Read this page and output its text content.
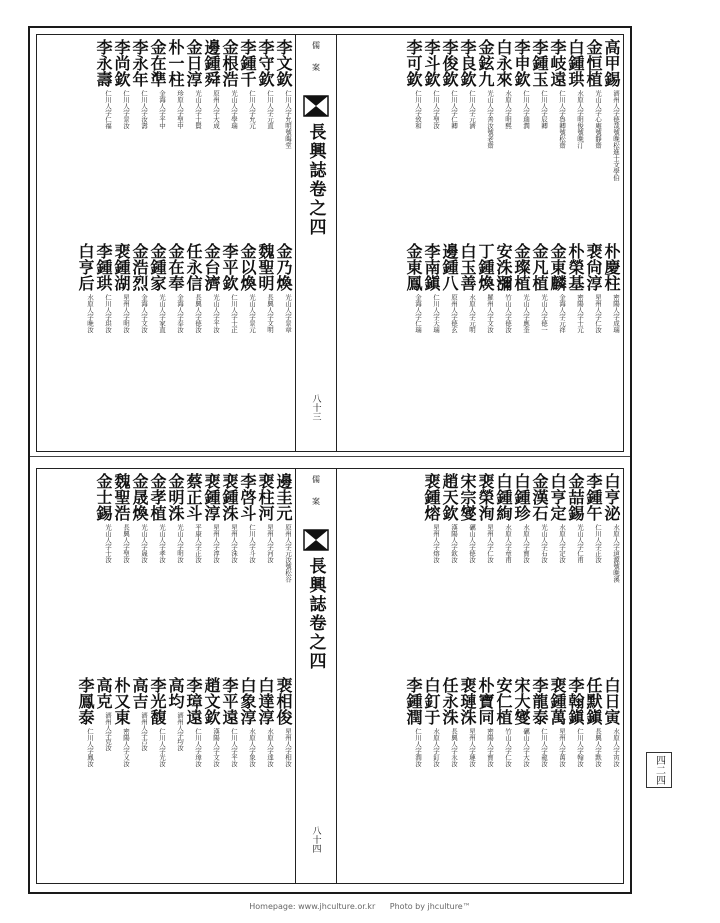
高甲錫
濟州人字德哉號晚松進士文學伯
金恒植
光山人字心庵號靜齋
白鍾珙
水原人字明俊號晩汀
李岐遠
仁川人字魯卿號松齋
李鍾玉
仁川人字辰卿
李申欽
仁川人字瑞潤
白永來
水原人字明熙
金鉉九
光山人字善汝號老齋
李良欽
仁川人字元濟
李俊欽
仁川人字仁卿
李斗欽
仁川人字聖汝
李可欽
仁川人字致和
朴慶柱
密陽人字成瑞
裵尙淳
星州人字仁汝
朴榮基
密陽人字士元
金東麟
金海人字元祥
金凡植
光山人字德一
金璨植
光山人字應奎
安洙瀰
竹山人字德汝
丁鍾煥
羅州人字文汝
白玉善
水原人字元明
邊鍾八
原州人字德玄
李南鎭
仁川人字天瑞
金東鳳
金海人字仁瑞
儒案
長興誌卷之四
八十三
李文欽
仁川人字允明號晦堂
李守欽
仁川人字元直
李鍾千
仁川人字允元
金根浩
光山人字學瑞
邊鍾舜
原州人字大成
金日淳
光山人字士賢
朴一柱
珍原人字聖中
金在準
金海人字平中
李永年
仁川人字汝壽
李尚欽
仁川人字景汝
李永壽
仁川人字仁福
金乃煥
光山人字景章
魏聖明
長興人字文明
金以煥
光山人字景元
李平欽
仁川人字士正
金台濟
光山人字平汝
任永信
長興人字德汝
金在奉
金海人字奉汝
金鍾家
光山人字家直
金浩烈
金海人字文汝
裵鍾湖
星州人字明汝
李鍾珙
仁川人字珙汝
白亨后
水原人字晩汝
白亨泌
水原人字道源號晩溪
李鍾午
仁川人字正汝
金喆錫
光山人字仁甫
白亨定
水原人字定汝
金漢石
光山人字石汝
白鍾珍
水原人字寶汝
白鍾絢
水原人字章甫
裵榮洵
星州人字仁汝
宋宗燮
礪山人字德汝
趙天欽
漢陽人字欽汝
裵鍾熔
星州人字熔汝
白日寅
水原人字寅汝
任默鎭
長興人字默汝
李翰鎭
仁川人字翰汝
裵鍾萬
星州人字萬汝
李龍泰
仁川人字龍汝
宋大燮
礪山人字大汝
安仁植
竹山人字仁汝
朴寶同
密陽人字寶汝
裵璉洙
星州人字璉汝
任永洙
長興人字永汝
白釘于
水原人字釘汝
李鍾潤
仁川人字潤汝
儒案
長興誌卷之四
八十四
邊圭元
原州人字元汝號松谷
裵柱河
星州人字河汝
李啓斗
仁川人字斗汝
裵鍾洙
星州人字洙汝
裵鍾淳
星州人字淳汝
蔡正斗
平康人字正汝
金明洙
光山人字明汝
金孝植
光山人字孝汝
金晟煥
光山人字晟汝
魏聖浩
長興人字聖汝
金士錫
光山人字士汝
裵相俊
星州人字相汝
白達淳
水原人字達汝
白象淳
水原人字象汝
李平遠
仁川人字平汝
趙文欽
漢陽人字文汝
李璋遠
仁川人字璋汝
高均
濟州人字均汝
李光馥
仁川人字光汝
高吉
濟州人字吉汝
朴又東
密陽人字又汝
高克
濟州人字克汝
李鳳泰
仁川人字鳳汝
四二四
Homepage: www.jhculture.or.kr Photo by jhculture™
